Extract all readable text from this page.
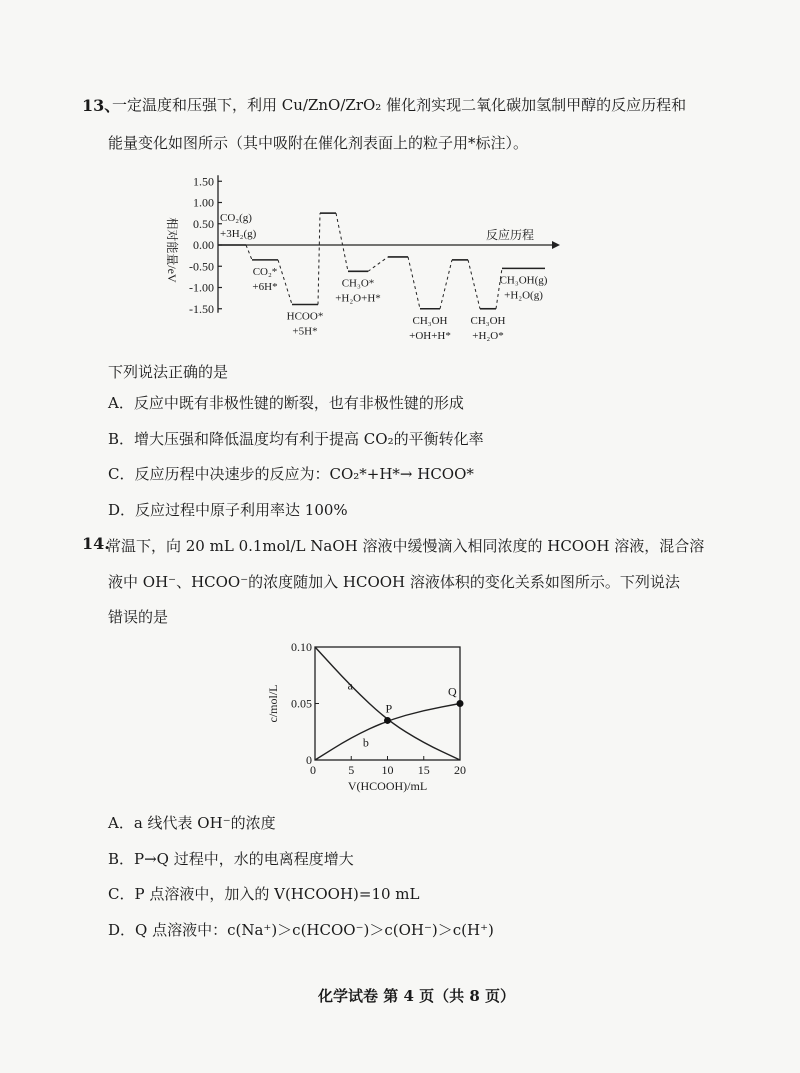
13、
一定温度和压强下，利用 Cu/ZnO/ZrO₂ 催化剂实现二氧化碳加氢制甲醇的反应历程和
能量变化如图所示（其中吸附在催化剂表面上的粒子用*标注）。
相对能量/eV
1.50
1.00
0.50
0.00
-0.50
-1.00
-1.50
反应历程
CO₂(g)
+3H₂(g)
CO₂*
+6H*
HCOO*
+5H*
CH₃O*
+H₂O+H*
CH₃OH
+OH+H*
CH₃OH
+H₂O*
CH₃OH(g)
+H₂O(g)
下列说法正确的是
A．反应中既有非极性键的断裂，也有非极性键的形成
B．增大压强和降低温度均有利于提高 CO₂的平衡转化率
C．反应历程中决速步的反应为：CO₂*+H*→ HCOO*
D．反应过程中原子利用率达 100%
14.
常温下，向 20 mL 0.1mol/L NaOH 溶液中缓慢滴入相同浓度的 HCOOH 溶液，混合溶
液中 OH⁻、HCOO⁻的浓度随加入 HCOOH 溶液体积的变化关系如图所示。下列说法
错误的是
0
0.05
0.10
5 10 15 20
0
V(HCOOH)/mL
c/mol/L	a
b
P
Q
A．a 线代表 OH⁻的浓度
B．P→Q 过程中，水的电离程度增大
C．P 点溶液中，加入的 V(HCOOH)=10 mL
D．Q 点溶液中：c(Na⁺)＞c(HCOO⁻)＞c(OH⁻)＞c(H⁺)
化学试卷 第 4 页（共 8 页）
